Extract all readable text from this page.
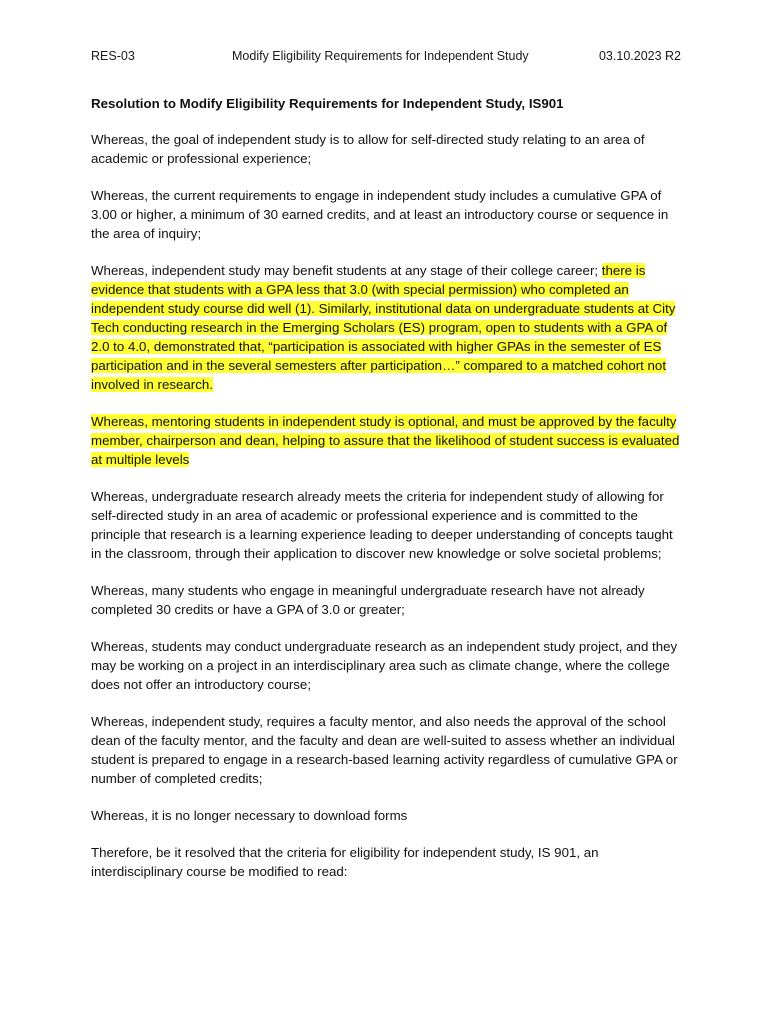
RES-03	Modify Eligibility Requirements for Independent Study	03.10.2023 R2
Resolution to Modify Eligibility Requirements for Independent Study, IS901

Whereas, the goal of independent study is to allow for self-directed study relating to an area of academic or professional experience;

Whereas, the current requirements to engage in independent study includes a cumulative GPA of 3.00 or higher, a minimum of 30 earned credits, and at least an introductory course or sequence in the area of inquiry;

Whereas, independent study may benefit students at any stage of their college career; there is evidence that students with a GPA less that 3.0 (with special permission) who completed an independent study course did well (1). Similarly, institutional data on undergraduate students at City Tech conducting research in the Emerging Scholars (ES) program, open to students with a GPA of 2.0 to 4.0, demonstrated that, “participation is associated with higher GPAs in the semester of ES participation and in the several semesters after participation…” compared to a matched cohort not involved in research.

Whereas, mentoring students in independent study is optional, and must be approved by the faculty member, chairperson and dean, helping to assure that the likelihood of student success is evaluated at multiple levels

Whereas, undergraduate research already meets the criteria for independent study of allowing for self-directed study in an area of academic or professional experience and is committed to the principle that research is a learning experience leading to deeper understanding of concepts taught in the classroom, through their application to discover new knowledge or solve societal problems;

Whereas, many students who engage in meaningful undergraduate research have not already completed 30 credits or have a GPA of 3.0 or greater;

Whereas, students may conduct undergraduate research as an independent study project, and they may be working on a project in an interdisciplinary area such as climate change, where the college does not offer an introductory course;

Whereas, independent study, requires a faculty mentor, and also needs the approval of the school dean of the faculty mentor, and the faculty and dean are well-suited to assess whether an individual student is prepared to engage in a research-based learning activity regardless of cumulative GPA or number of completed credits;

Whereas, it is no longer necessary to download forms

Therefore, be it resolved that the criteria for eligibility for independent study, IS 901, an interdisciplinary course be modified to read:
